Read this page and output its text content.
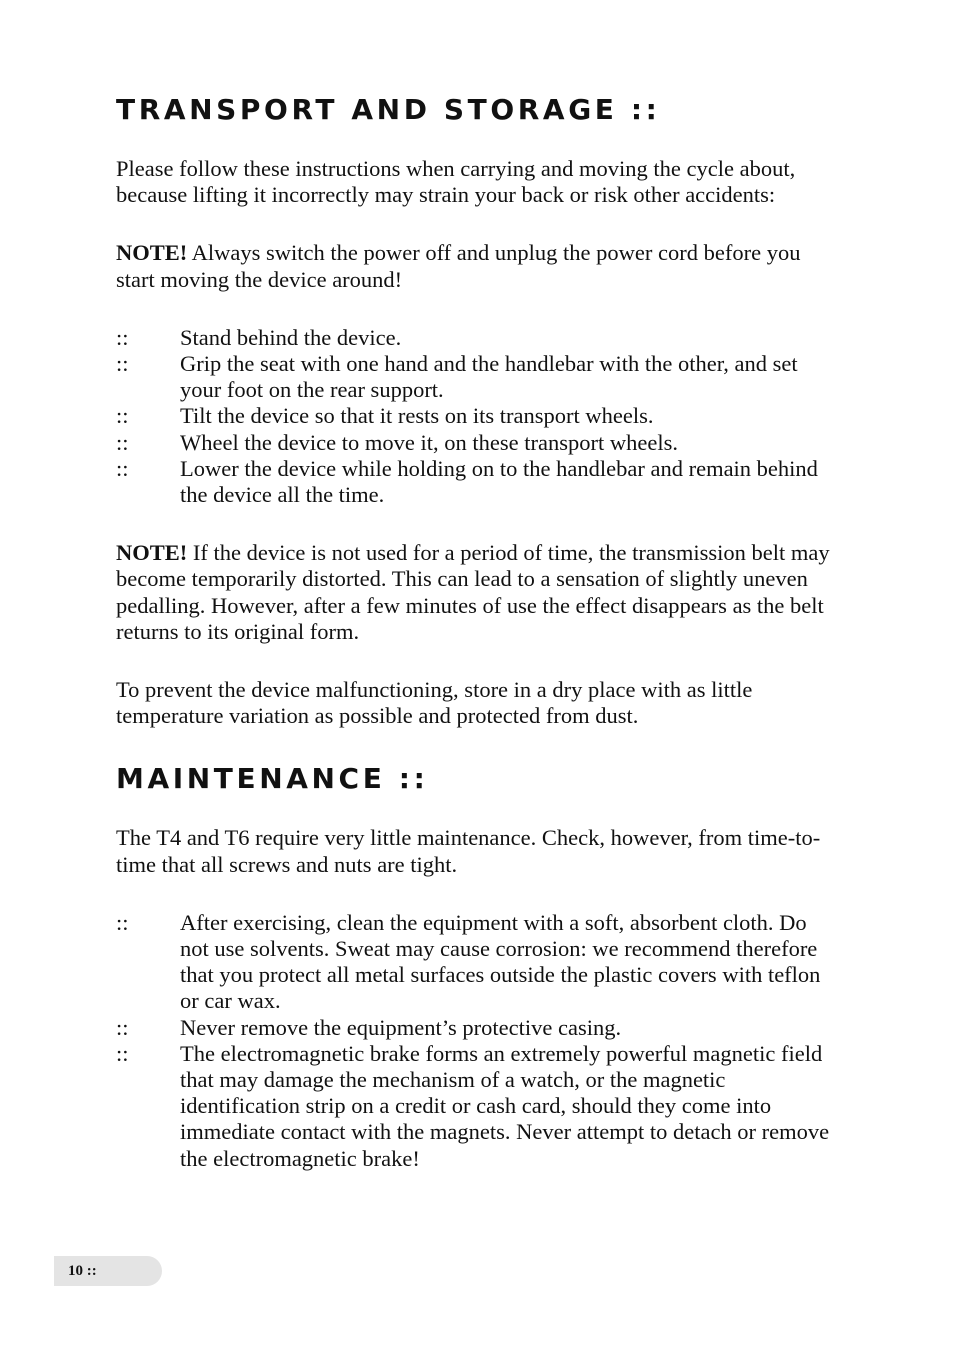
TRANSPORT AND STORAGE ::

Please follow these instructions when carrying and moving the cycle about, because lifting it incorrectly may strain your back or risk other accidents:

NOTE! Always switch the power off and unplug the power cord before you start moving the device around!

::	Stand behind the device.
::	Grip the seat with one hand and the handlebar with the other, and set your foot on the rear support.
::	Tilt the device so that it rests on its transport wheels.
::	Wheel the device to move it, on these transport wheels.
::	Lower the device while holding on to the handlebar and remain behind the device all the time.

NOTE! If the device is not used for a period of time, the transmission belt may become temporarily distorted. This can lead to a sensation of slightly uneven pedalling. However, after a few minutes of use the effect disappears as the belt returns to its original form.

To prevent the device malfunctioning, store in a dry place with as little temperature variation as possible and protected from dust.

MAINTENANCE ::

The T4 and T6 require very little maintenance. Check, however, from time-to-time that all screws and nuts are tight.

::	After exercising, clean the equipment with a soft, absorbent cloth. Do not use solvents. Sweat may cause corrosion: we recommend therefore that you protect all metal surfaces outside the plastic covers with teflon or car wax.
::	Never remove the equipment’s protective casing.
::	The electromagnetic brake forms an extremely powerful magnetic field that may damage the mechanism of a watch, or the magnetic identification strip on a credit or cash card, should they come into immediate contact with the magnets. Never attempt to detach or remove the electromagnetic brake!
10 ::
